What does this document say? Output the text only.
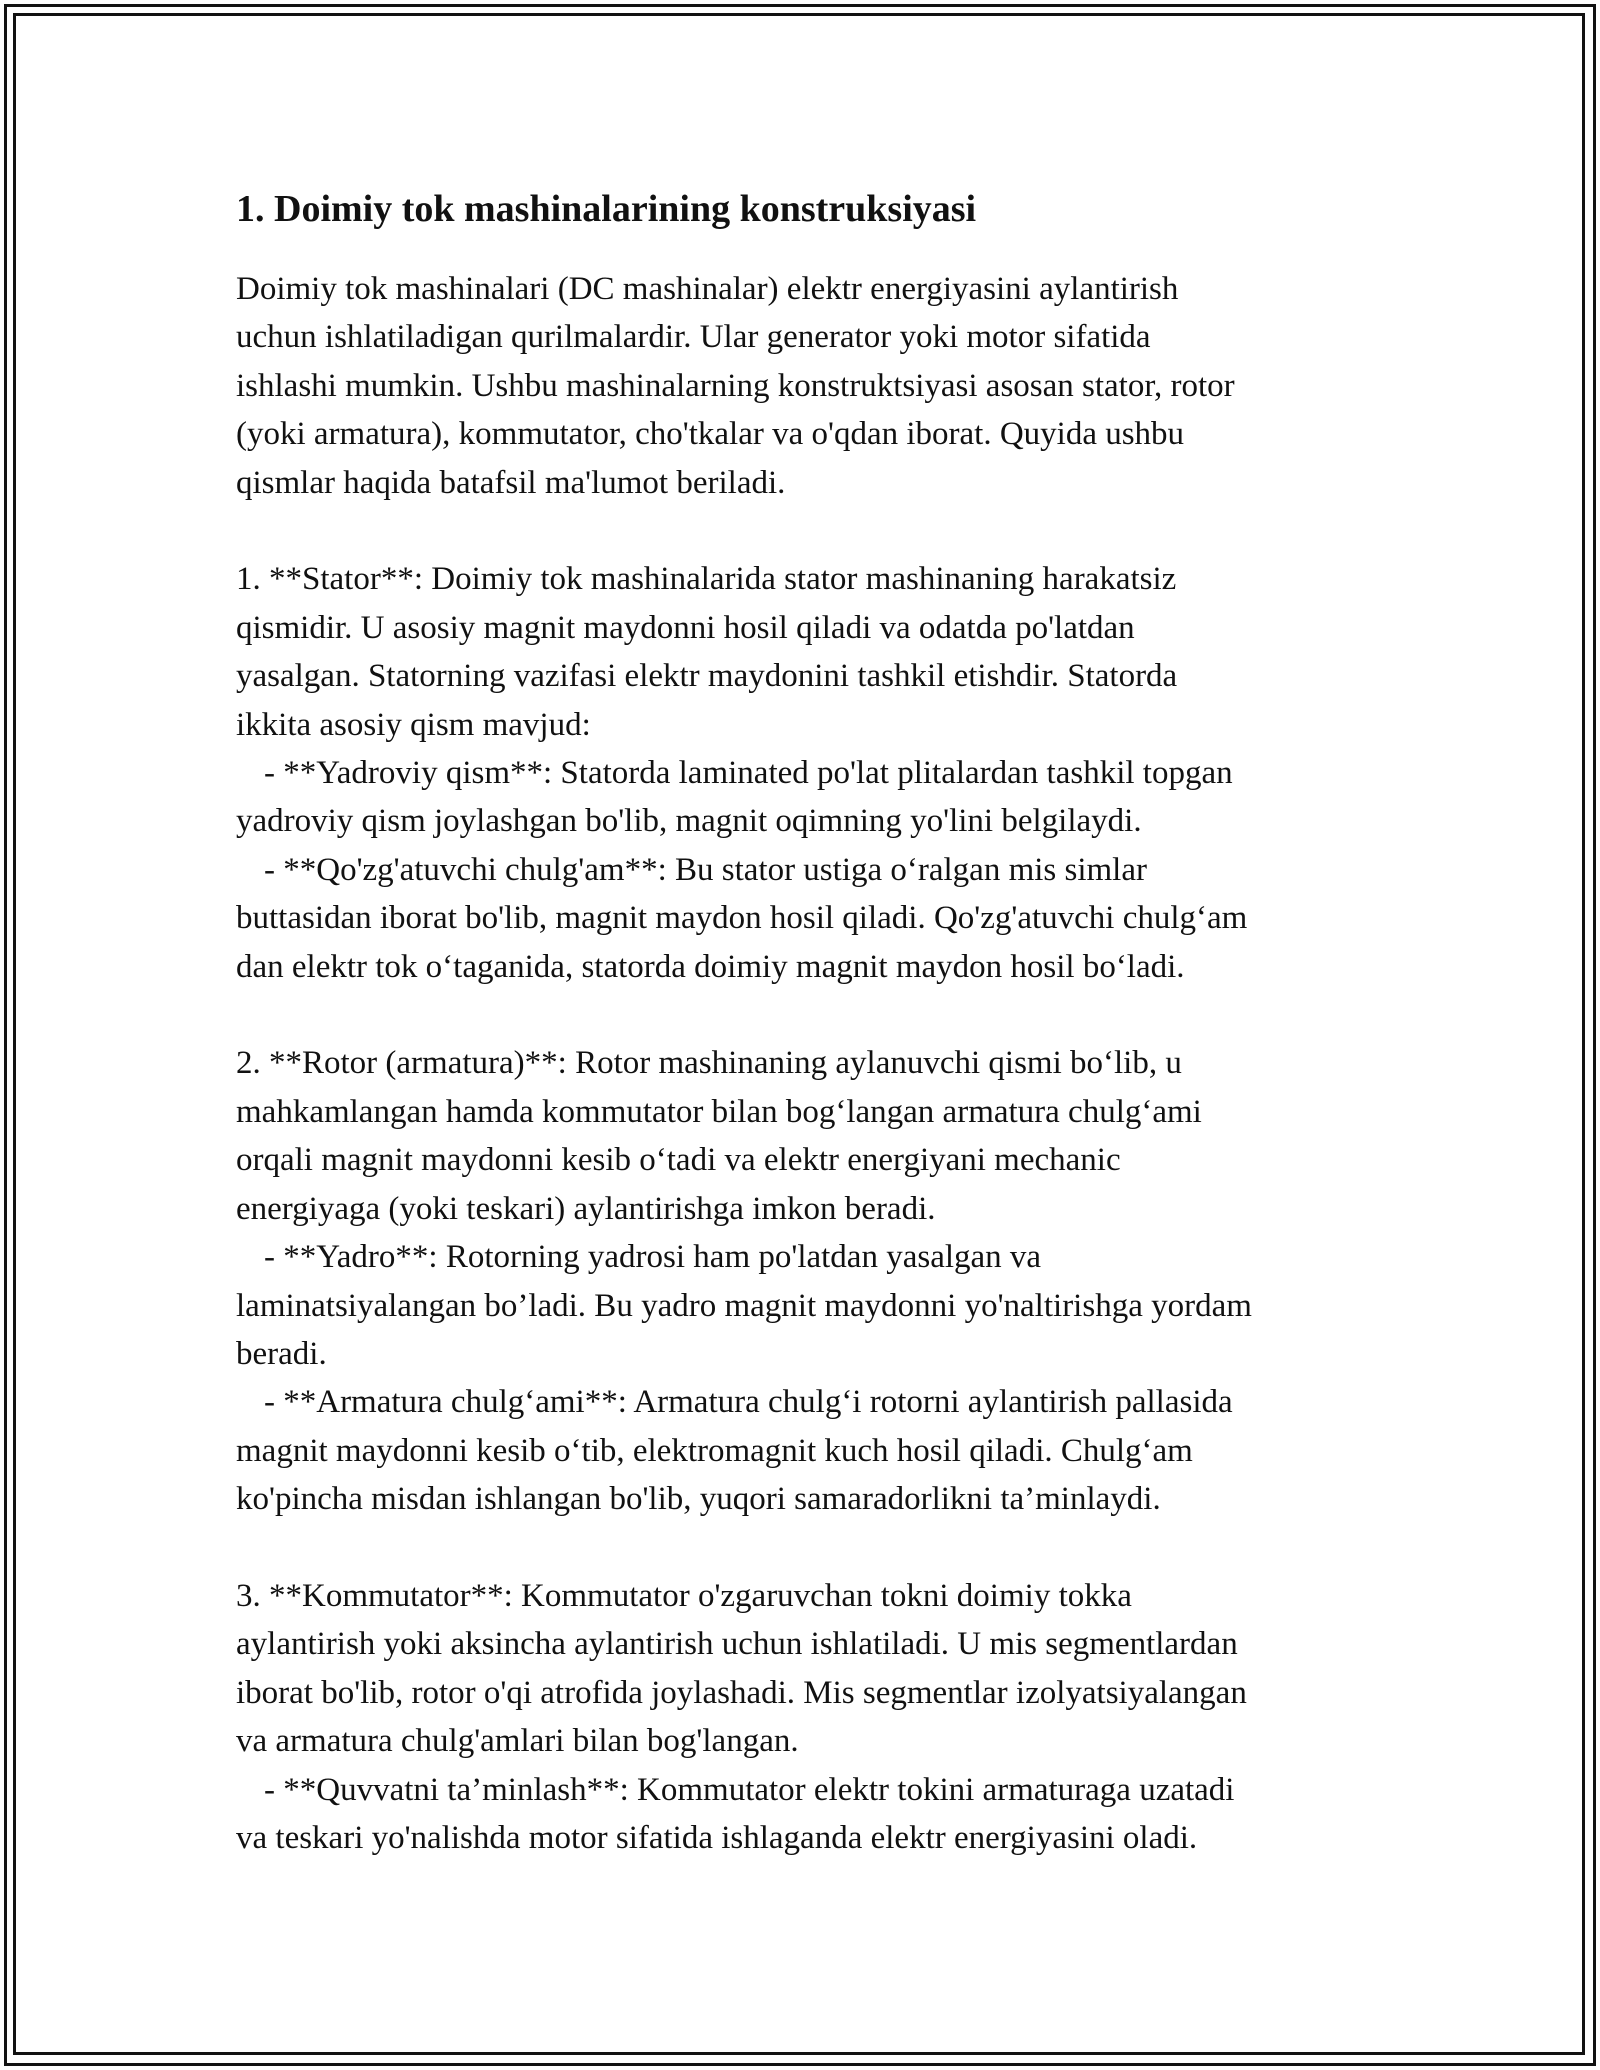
1. Doimiy tok mashinalarining konstruksiyasi
Doimiy tok mashinalari (DC mashinalar) elektr energiyasini aylantirish
uchun ishlatiladigan qurilmalardir. Ular generator yoki motor sifatida
ishlashi mumkin. Ushbu mashinalarning konstruktsiyasi asosan stator, rotor
(yoki armatura), kommutator, cho'tkalar va o'qdan iborat. Quyida ushbu
qismlar haqida batafsil ma'lumot beriladi.
1. **Stator**: Doimiy tok mashinalarida stator mashinaning harakatsiz
qismidir. U asosiy magnit maydonni hosil qiladi va odatda po'latdan
yasalgan. Statorning vazifasi elektr maydonini tashkil etishdir. Statorda
ikkita asosiy qism mavjud:
- **Yadroviy qism**: Statorda laminated po'lat plitalardan tashkil topgan
yadroviy qism joylashgan bo'lib, magnit oqimning yo'lini belgilaydi.
- **Qo'zg'atuvchi chulg'am**: Bu stator ustiga o‘ralgan mis simlar
buttasidan iborat bo'lib, magnit maydon hosil qiladi. Qo'zg'atuvchi chulg‘am
dan elektr tok o‘taganida, statorda doimiy magnit maydon hosil bo‘ladi.
2. **Rotor (armatura)**: Rotor mashinaning aylanuvchi qismi bo‘lib, u
mahkamlangan hamda kommutator bilan bog‘langan armatura chulg‘ami
orqali magnit maydonni kesib o‘tadi va elektr energiyani mechanic
energiyaga (yoki teskari) aylantirishga imkon beradi.
- **Yadro**: Rotorning yadrosi ham po'latdan yasalgan va
laminatsiyalangan bo’ladi. Bu yadro magnit maydonni yo'naltirishga yordam
beradi.
- **Armatura chulg‘ami**: Armatura chulg‘i rotorni aylantirish pallasida
magnit maydonni kesib o‘tib, elektromagnit kuch hosil qiladi. Chulg‘am
ko'pincha misdan ishlangan bo'lib, yuqori samaradorlikni ta’minlaydi.
3. **Kommutator**: Kommutator o'zgaruvchan tokni doimiy tokka
aylantirish yoki aksincha aylantirish uchun ishlatiladi. U mis segmentlardan
iborat bo'lib, rotor o'qi atrofida joylashadi. Mis segmentlar izolyatsiyalangan
va armatura chulg'amlari bilan bog'langan.
- **Quvvatni ta’minlash**: Kommutator elektr tokini armaturaga uzatadi
va teskari yo'nalishda motor sifatida ishlaganda elektr energiyasini oladi.
